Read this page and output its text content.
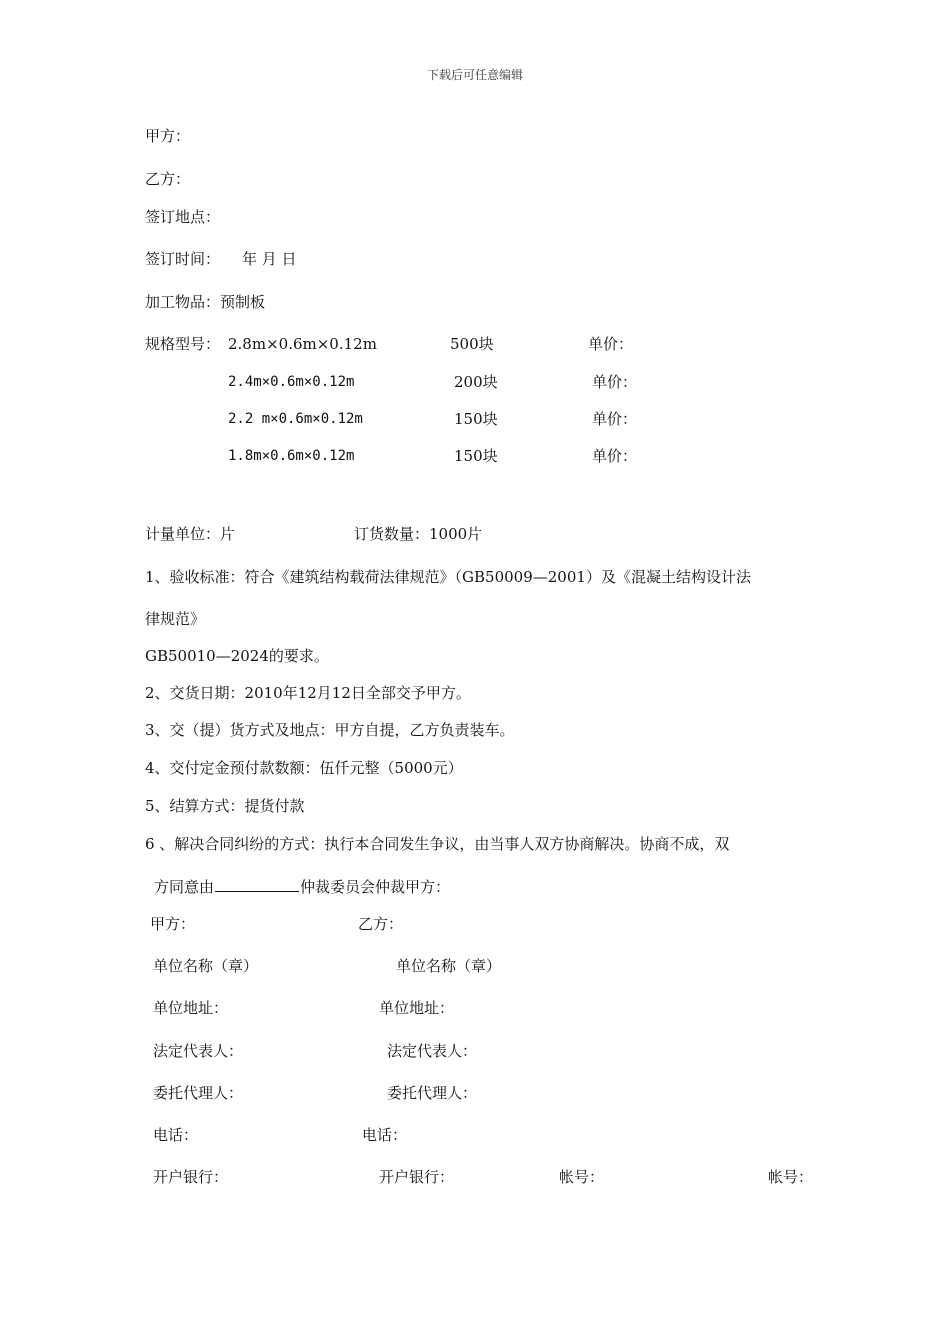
下载后可任意编辑
甲方：
乙方：
签订地点：
签订时间： 年 月 日
加工物品：预制板
规格型号： 2.8m×0.6m×0.12m	500块	单价：
2.4m×0.6m×0.12m	200块	单价：
2.2 m×0.6m×0.12m	150块	单价：
1.8m×0.6m×0.12m	150块	单价：
计量单位：片	订货数量：1000片
1、验收标准：符合《建筑结构载荷法律规范》（GB50009—2001）及《混凝土结构设计法
律规范》
GB50010—2024的要求。
2、交货日期：2010年12月12日全部交予甲方。
3、交（提）货方式及地点：甲方自提，乙方负责装车。
4、交付定金预付款数额：伍仟元整（5000元）
5、结算方式：提货付款
6 、解决合同纠纷的方式：执行本合同发生争议，由当事人双方协商解决。协商不成，双
方同意由	仲裁委员会仲裁甲方：
甲方：	乙方：
单位名称（章）	单位名称（章）
单位地址：	单位地址：
法定代表人：	法定代表人：
委托代理人：	委托代理人：
电话：	电话：
开户银行：	开户银行：	帐号：	帐号：
